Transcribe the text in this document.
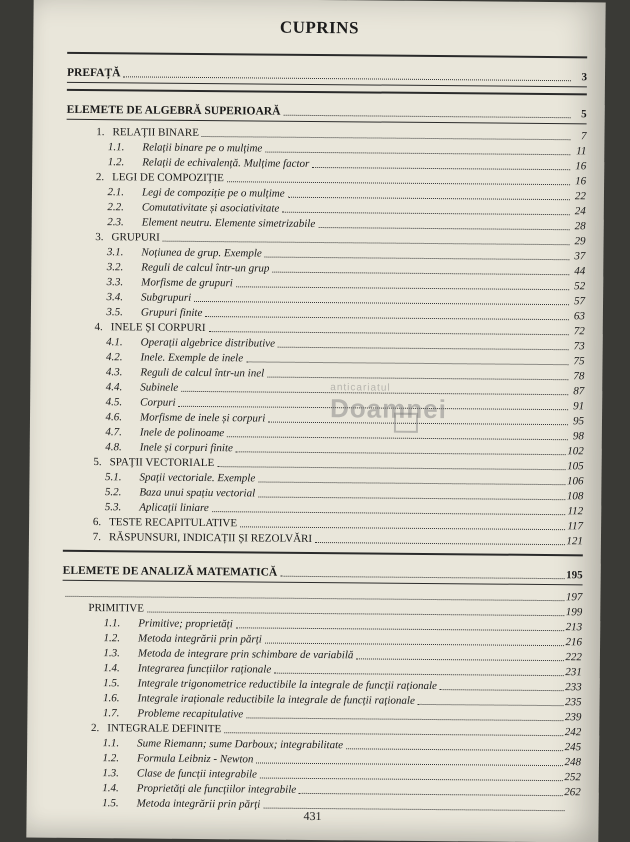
CUPRINS
PREFAȚĂ	3
ELEMETE DE ALGEBRĂ SUPERIOARĂ	5
1. RELAȚII BINARE	7
1.1. Relații binare pe o mulțime	11
1.2. Relații de echivalență. Mulțime factor	16
2. LEGI DE COMPOZIȚIE	16
2.1. Legi de compoziție pe o mulțime	22
2.2. Comutativitate și asociativitate	24
2.3. Element neutru. Elemente simetrizabile	28
3. GRUPURI	29
3.1. Noțiunea de grup. Exemple	37
3.2. Reguli de calcul într-un grup	44
3.3. Morfisme de grupuri	52
3.4. Subgrupuri	57
3.5. Grupuri finite	63
4. INELE ȘI CORPURI	72
4.1. Operații algebrice distributive	73
4.2. Inele. Exemple de inele	75
4.3. Reguli de calcul într-un inel	78
4.4. Subinele	87
4.5. Corpuri	91
4.6. Morfisme de inele și corpuri	95
4.7. Inele de polinoame	98
4.8. Inele și corpuri finite	102
5. SPAȚII VECTORIALE	105
5.1. Spații vectoriale. Exemple	106
5.2. Baza unui spațiu vectorial	108
5.3. Aplicații liniare	112
6. TESTE RECAPITULATIVE	117
7. RĂSPUNSURI, INDICAȚII ȘI REZOLVĂRI	121
ELEMETE DE ANALIZĂ MATEMATICĂ	195
197
PRIMITIVE	199
1.1. Primitive; proprietăți	213
1.2. Metoda integrării prin părți	216
1.3. Metoda de integrare prin schimbare de variabilă	222
1.4. Integrarea funcțiilor raționale	231
1.5. Integrale trigonometrice reductibile la integrale de funcții raționale	233
1.6. Integrale iraționale reductibile la integrale de funcții raționale	235
1.7. Probleme recapitulative	239
2. INTEGRALE DEFINITE	242
1.1. Sume Riemann; sume Darboux; integrabilitate	245
1.2. Formula Leibniz - Newton	248
1.3. Clase de funcții integrabile	252
1.4. Proprietăți ale funcțiilor integrabile	262
1.5. Metoda integrării prin părți
anticariatul
Doamnei
431
